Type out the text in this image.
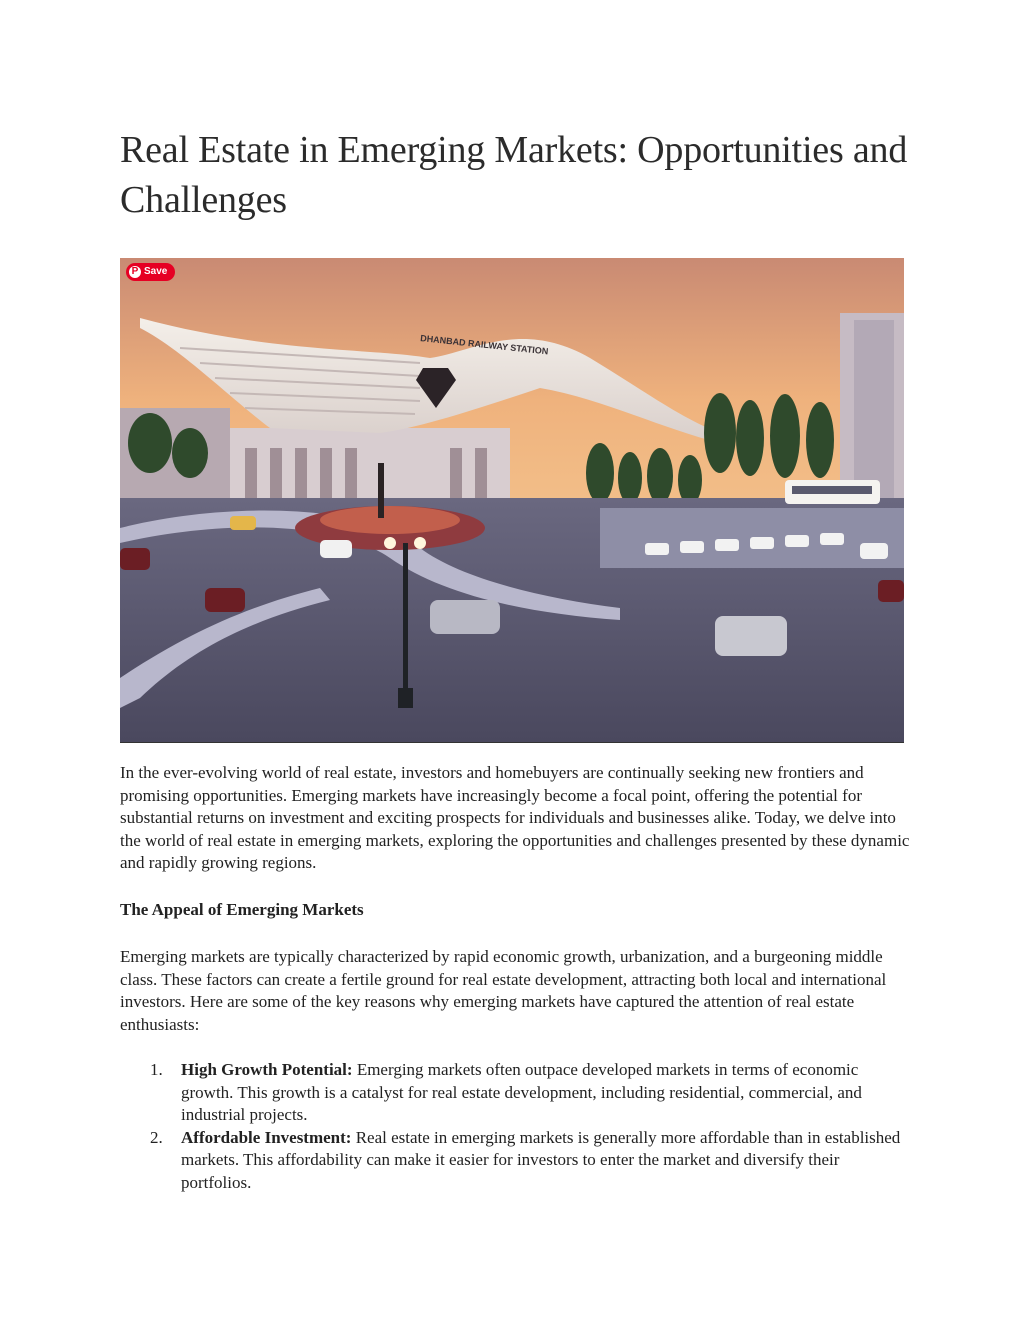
Real Estate in Emerging Markets: Opportunities and Challenges
DHANBAD RAILWAY STATION
P Save

In the ever-evolving world of real estate, investors and homebuyers are continually seeking new frontiers and promising opportunities. Emerging markets have increasingly become a focal point, offering the potential for substantial returns on investment and exciting prospects for individuals and businesses alike. Today, we delve into the world of real estate in emerging markets, exploring the opportunities and challenges presented by these dynamic and rapidly growing regions.

The Appeal of Emerging Markets

Emerging markets are typically characterized by rapid economic growth, urbanization, and a burgeoning middle class. These factors can create a fertile ground for real estate development, attracting both local and international investors. Here are some of the key reasons why emerging markets have captured the attention of real estate enthusiasts:

1. High Growth Potential: Emerging markets often outpace developed markets in terms of economic growth. This growth is a catalyst for real estate development, including residential, commercial, and industrial projects.
2. Affordable Investment: Real estate in emerging markets is generally more affordable than in established markets. This affordability can make it easier for investors to enter the market and diversify their portfolios.
